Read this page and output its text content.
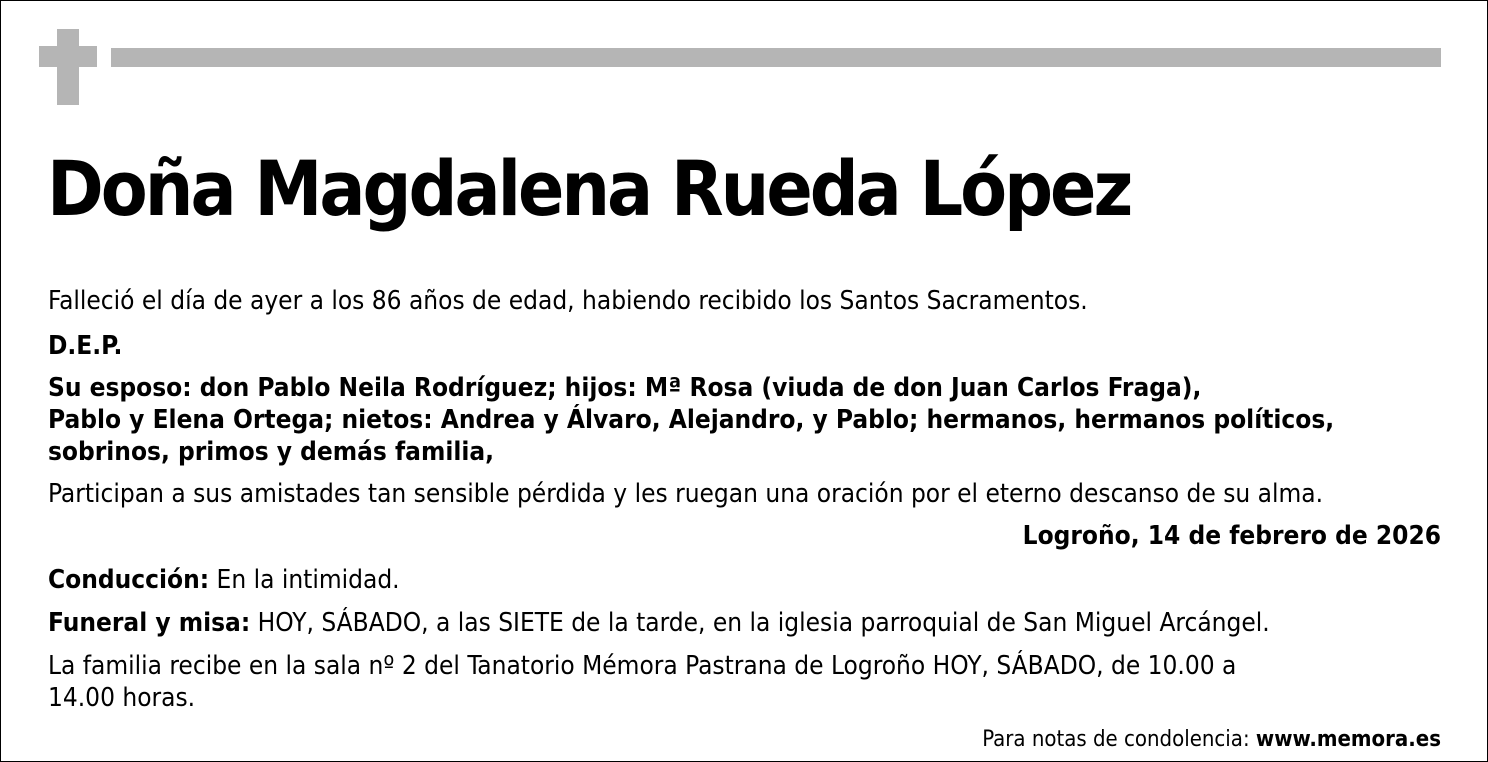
Doña Magdalena Rueda López

Falleció el día de ayer a los 86 años de edad, habiendo recibido los Santos Sacramentos.

D.E.P.

Su esposo: don Pablo Neila Rodríguez; hijos: Mª Rosa (viuda de don Juan Carlos Fraga),
Pablo y Elena Ortega; nietos: Andrea y Álvaro, Alejandro, y Pablo; hermanos, hermanos políticos,
sobrinos, primos y demás familia,

Participan a sus amistades tan sensible pérdida y les ruegan una oración por el eterno descanso de su alma.

Logroño, 14 de febrero de 2026

Conducción: En la intimidad.

Funeral y misa: HOY, SÁBADO, a las SIETE de la tarde, en la iglesia parroquial de San Miguel Arcángel.

La familia recibe en la sala nº 2 del Tanatorio Mémora Pastrana de Logroño HOY, SÁBADO, de 10.00 a
14.00 horas.

Para notas de condolencia: www.memora.es
